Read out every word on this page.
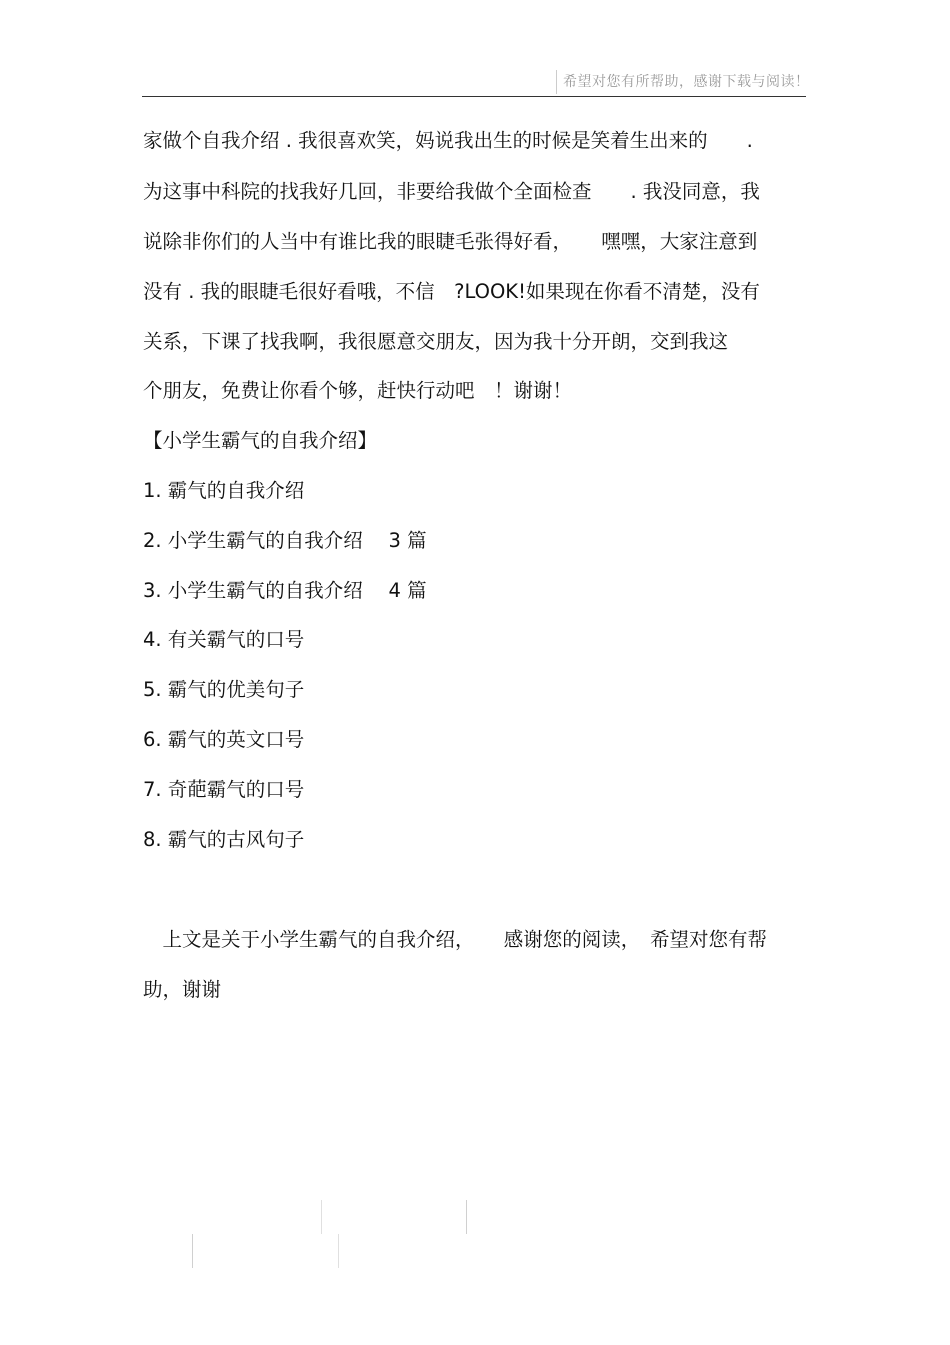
希望对您有所帮助，感谢下载与阅读！
家做个自我介绍 . 我很喜欢笑，妈说我出生的时候是笑着生出来的　　.
为这事中科院的找我好几回，非要给我做个全面检查　　. 我没同意，我
说除非你们的人当中有谁比我的眼睫毛张得好看，　　嘿嘿，大家注意到
没有 . 我的眼睫毛很好看哦，不信　?LOOK!如果现在你看不清楚，没有
关系，下课了找我啊，我很愿意交朋友，因为我十分开朗，交到我这
个朋友，免费让你看个够，赶快行动吧　！谢谢！
【小学生霸气的自我介绍】
1. 霸气的自我介绍
2. 小学生霸气的自我介绍　 3 篇
3. 小学生霸气的自我介绍　 4 篇
4. 有关霸气的口号
5. 霸气的优美句子
6. 霸气的英文口号
7. 奇葩霸气的口号
8. 霸气的古风句子
　上文是关于小学生霸气的自我介绍，　　感谢您的阅读，　希望对您有帮
助，谢谢
